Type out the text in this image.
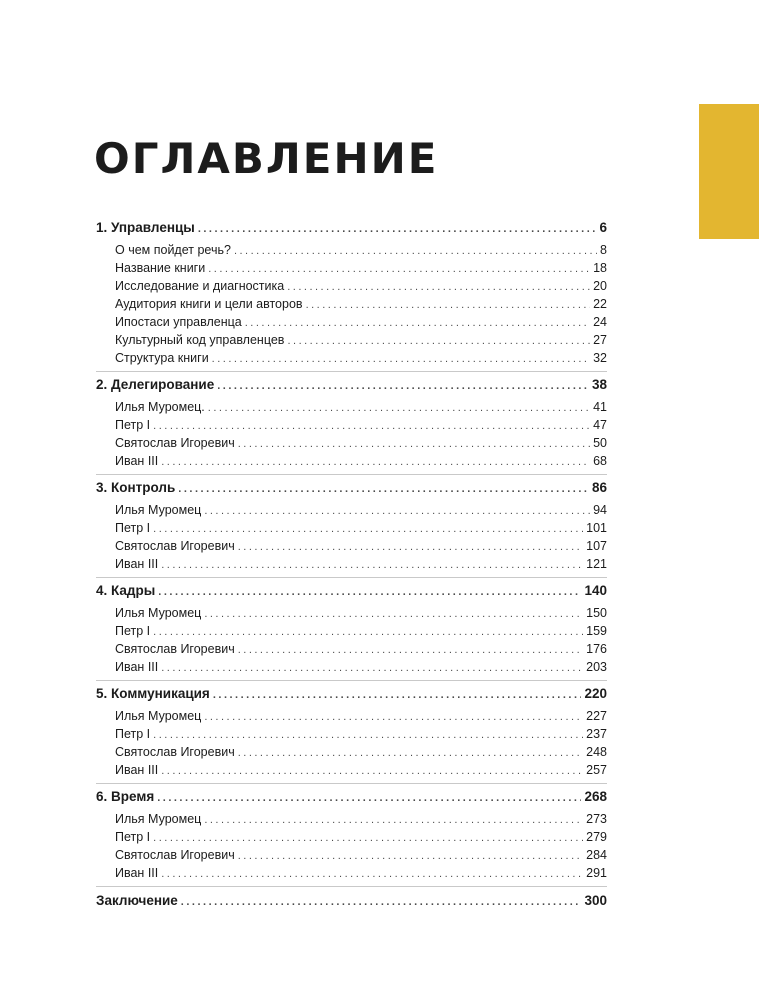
ОГЛАВЛЕНИЕ
1. Управленцы .....	6
О чем пойдет речь? .....	8
Название книги .....	18
Исследование и диагностика .....	20
Аудитория книги и цели авторов .....	22
Ипостаси управленца .....	24
Культурный код управленцев .....	27
Структура книги .....	32
2. Делегирование .....	38
Илья Муромец. .....	41
Петр I .....	47
Святослав Игоревич .....	50
Иван III .....	68
3. Контроль .....	86
Илья Муромец .....	94
Петр I .....	101
Святослав Игоревич .....	107
Иван III .....	121
4. Кадры .....	140
Илья Муромец .....	150
Петр I .....	159
Святослав Игоревич .....	176
Иван III .....	203
5. Коммуникация .....	220
Илья Муромец .....	227
Петр I .....	237
Святослав Игоревич .....	248
Иван III .....	257
6. Время .....	268
Илья Муромец .....	273
Петр I .....	279
Святослав Игоревич .....	284
Иван III .....	291
Заключение .....	300
